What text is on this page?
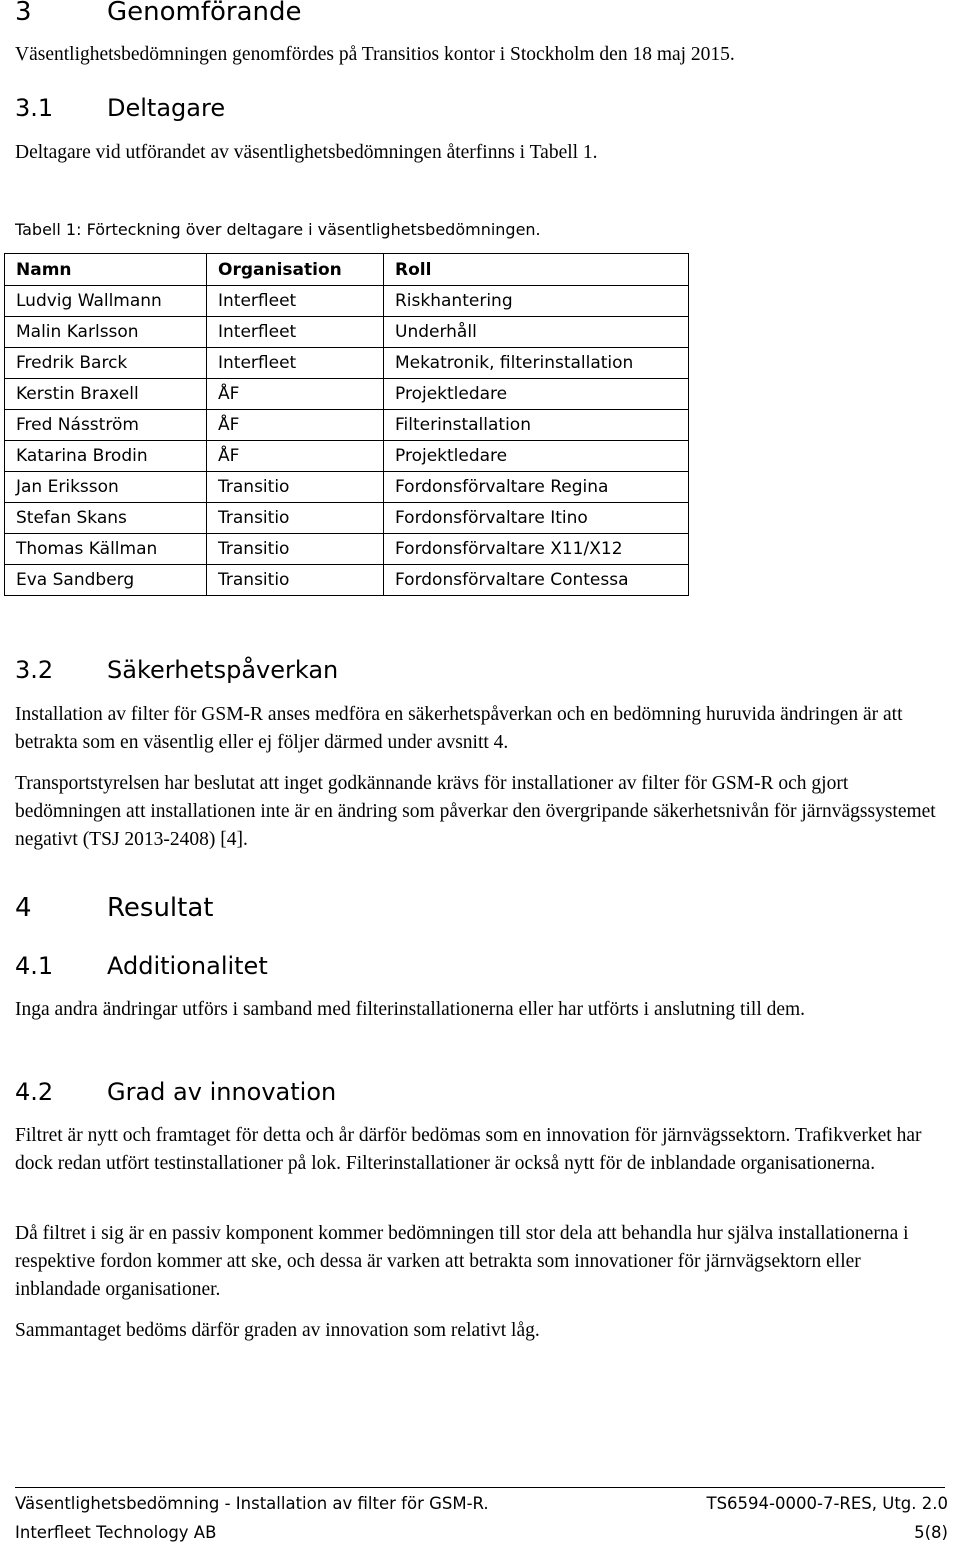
3	Genomförande

Väsentlighetsbedömningen genomfördes på Transitios kontor i Stockholm den 18 maj 2015.

3.1 Deltagare

Deltagare vid utförandet av väsentlighetsbedömningen återfinns i Tabell 1.

Tabell 1: Förteckning över deltagare i väsentlighetsbedömningen.

Namn	Organisation	Roll
Ludvig Wallmann	Interfleet	Riskhantering
Malin Karlsson	Interfleet	Underhåll
Fredrik Barck	Interfleet	Mekatronik, filterinstallation
Kerstin Braxell	ÅF	Projektledare
Fred Násström	ÅF	Filterinstallation
Katarina Brodin	ÅF	Projektledare
Jan Eriksson	Transitio	Fordonsförvaltare Regina
Stefan Skans	Transitio	Fordonsförvaltare Itino
Thomas Källman	Transitio	Fordonsförvaltare X11/X12
Eva Sandberg	Transitio	Fordonsförvaltare Contessa
3.2 Säkerhetspåverkan

Installation av filter för GSM-R anses medföra en säkerhetspåverkan och en bedömning huruvida ändringen är att betrakta som en väsentlig eller ej följer därmed under avsnitt 4.

Transportstyrelsen har beslutat att inget godkännande krävs för installationer av filter för GSM-R och gjort bedömningen att installationen inte är en ändring som påverkar den övergripande säkerhetsnivån för järnvägssystemet negativt (TSJ 2013-2408) [4].

4	Resultat
4.1 Additionalitet

Inga andra ändringar utförs i samband med filterinstallationerna eller har utförts i anslutning till dem.

4.2 Grad av innovation

Filtret är nytt och framtaget för detta och år därför bedömas som en innovation för järnvägssektorn. Trafikverket har dock redan utfört testinstallationer på lok. Filterinstallationer är också nytt för de inblandade organisationerna.

Då filtret i sig är en passiv komponent kommer bedömningen till stor dela att behandla hur själva installationerna i respektive fordon kommer att ske, och dessa är varken att betrakta som innovationer för järnvägsektorn eller inblandade organisationer.

Sammantaget bedöms därför graden av innovation som relativt låg.

Väsentlighetsbedömning - Installation av filter för GSM-R.	TS6594-0000-7-RES, Utg. 2.0

Interfleet Technology AB	5(8)
